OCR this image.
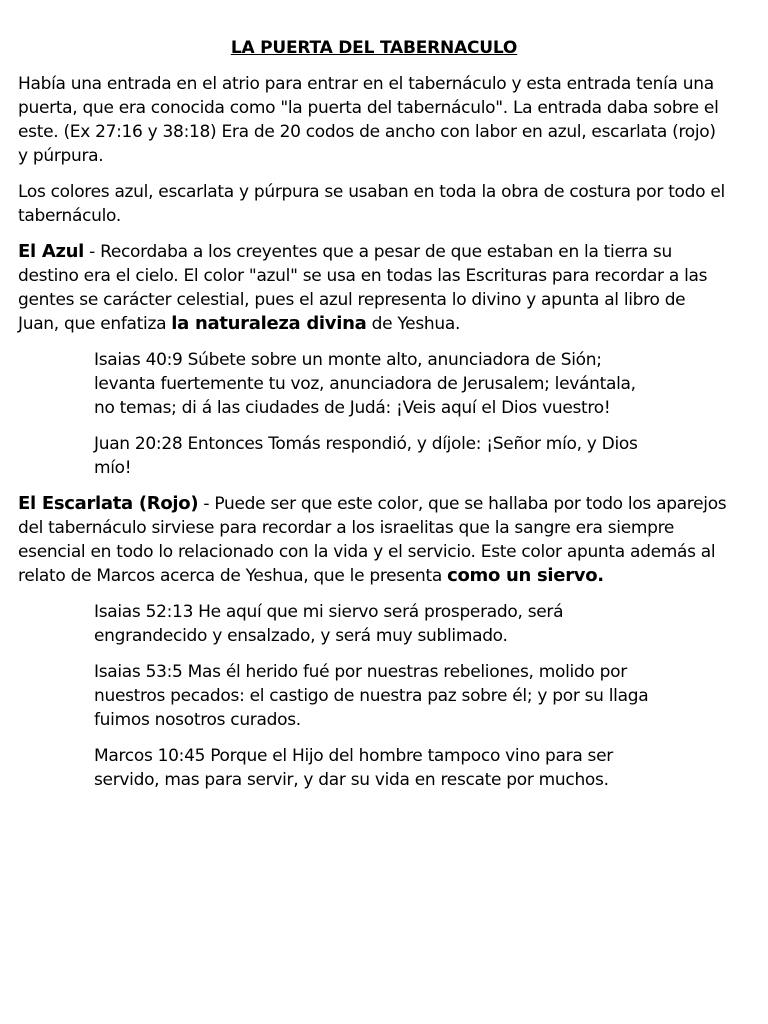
LA PUERTA DEL TABERNACULO

Había una entrada en el atrio para entrar en el tabernáculo y esta entrada tenía una puerta, que era conocida como "la puerta del tabernáculo". La entrada daba sobre el este. (Ex 27:16 y 38:18) Era de 20 codos de ancho con labor en azul, escarlata (rojo) y púrpura.

Los colores azul, escarlata y púrpura se usaban en toda la obra de costura por todo el tabernáculo.

El Azul - Recordaba a los creyentes que a pesar de que estaban en la tierra su destino era el cielo. El color "azul" se usa en todas las Escrituras para recordar a las gentes se carácter celestial, pues el azul representa lo divino y apunta al libro de Juan, que enfatiza la naturaleza divina de Yeshua.

Isaias 40:9 Súbete sobre un monte alto, anunciadora de Sión; levanta fuertemente tu voz, anunciadora de Jerusalem; levántala, no temas; di á las ciudades de Judá: ¡Veis aquí el Dios vuestro!

Juan 20:28 Entonces Tomás respondió, y díjole: ¡Señor mío, y Dios mío!

El Escarlata (Rojo) - Puede ser que este color, que se hallaba por todo los aparejos del tabernáculo sirviese para recordar a los israelitas que la sangre era siempre esencial en todo lo relacionado con la vida y el servicio. Este color apunta además al relato de Marcos acerca de Yeshua, que le presenta como un siervo.

Isaias 52:13 He aquí que mi siervo será prosperado, será engrandecido y ensalzado, y será muy sublimado.

Isaias 53:5 Mas él herido fué por nuestras rebeliones, molido por nuestros pecados: el castigo de nuestra paz sobre él; y por su llaga fuimos nosotros curados.

Marcos 10:45 Porque el Hijo del hombre tampoco vino para ser servido, mas para servir, y dar su vida en rescate por muchos.
